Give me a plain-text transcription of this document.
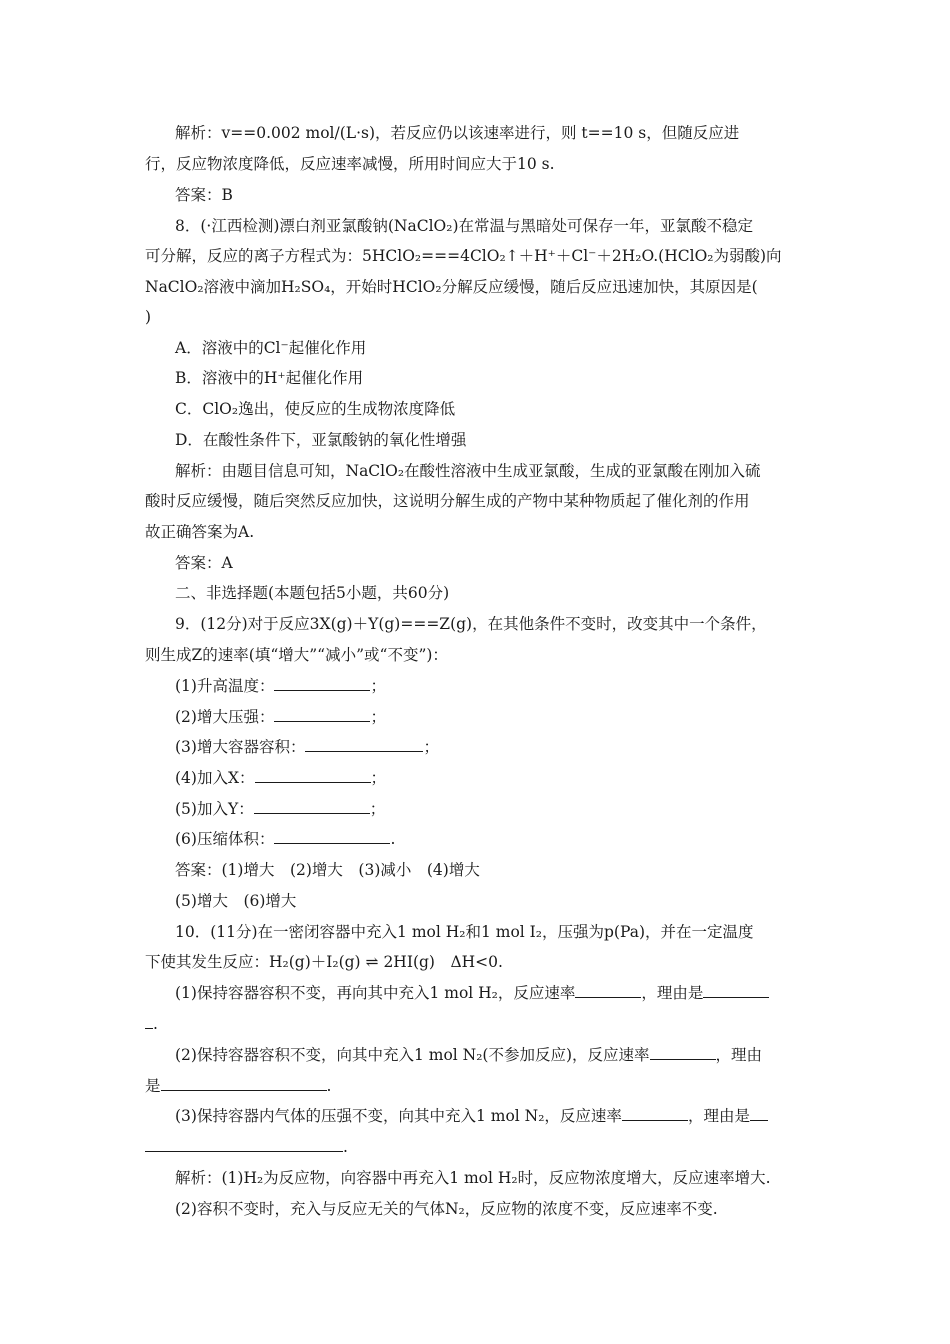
解析：v==0.002 mol/(L·s)，若反应仍以该速率进行，则 t==10 s，但随反应进
行，反应物浓度降低，反应速率减慢，所用时间应大于10 s.
答案：B
8．(·江西检测)漂白剂亚氯酸钠(NaClO₂)在常温与黑暗处可保存一年，亚氯酸不稳定
可分解，反应的离子方程式为：5HClO₂===4ClO₂↑＋H⁺＋Cl⁻＋2H₂O.(HClO₂为弱酸)向
NaClO₂溶液中滴加H₂SO₄，开始时HClO₂分解反应缓慢，随后反应迅速加快，其原因是(
)
A．溶液中的Cl⁻起催化作用
B．溶液中的H⁺起催化作用
C．ClO₂逸出，使反应的生成物浓度降低
D．在酸性条件下，亚氯酸钠的氧化性增强
解析：由题目信息可知，NaClO₂在酸性溶液中生成亚氯酸，生成的亚氯酸在刚加入硫
酸时反应缓慢，随后突然反应加快，这说明分解生成的产物中某种物质起了催化剂的作用
故正确答案为A.
答案：A
二、非选择题(本题包括5小题，共60分)
9．(12分)对于反应3X(g)＋Y(g)===Z(g)，在其他条件不变时，改变其中一个条件，
则生成Z的速率(填“增大”“减小”或“不变”)：
(1)升高温度：	；
(2)增大压强：	；
(3)增大容器容积：	；
(4)加入X：	；
(5)加入Y：	；
(6)压缩体积：	.
答案：(1)增大　(2)增大　(3)减小　(4)增大
(5)增大　(6)增大
10．(11分)在一密闭容器中充入1 mol H₂和1 mol I₂，压强为p(Pa)，并在一定温度
下使其发生反应：H₂(g)＋I₂(g) ⇌ 2HI(g)　ΔH<0.
(1)保持容器容积不变，再向其中充入1 mol H₂，反应速率	，理由是
.
(2)保持容器容积不变，向其中充入1 mol N₂(不参加反应)，反应速率	，理由
是	.
(3)保持容器内气体的压强不变，向其中充入1 mol N₂，反应速率	，理由是
.
解析：(1)H₂为反应物，向容器中再充入1 mol H₂时，反应物浓度增大，反应速率增大.
(2)容积不变时，充入与反应无关的气体N₂，反应物的浓度不变，反应速率不变.
